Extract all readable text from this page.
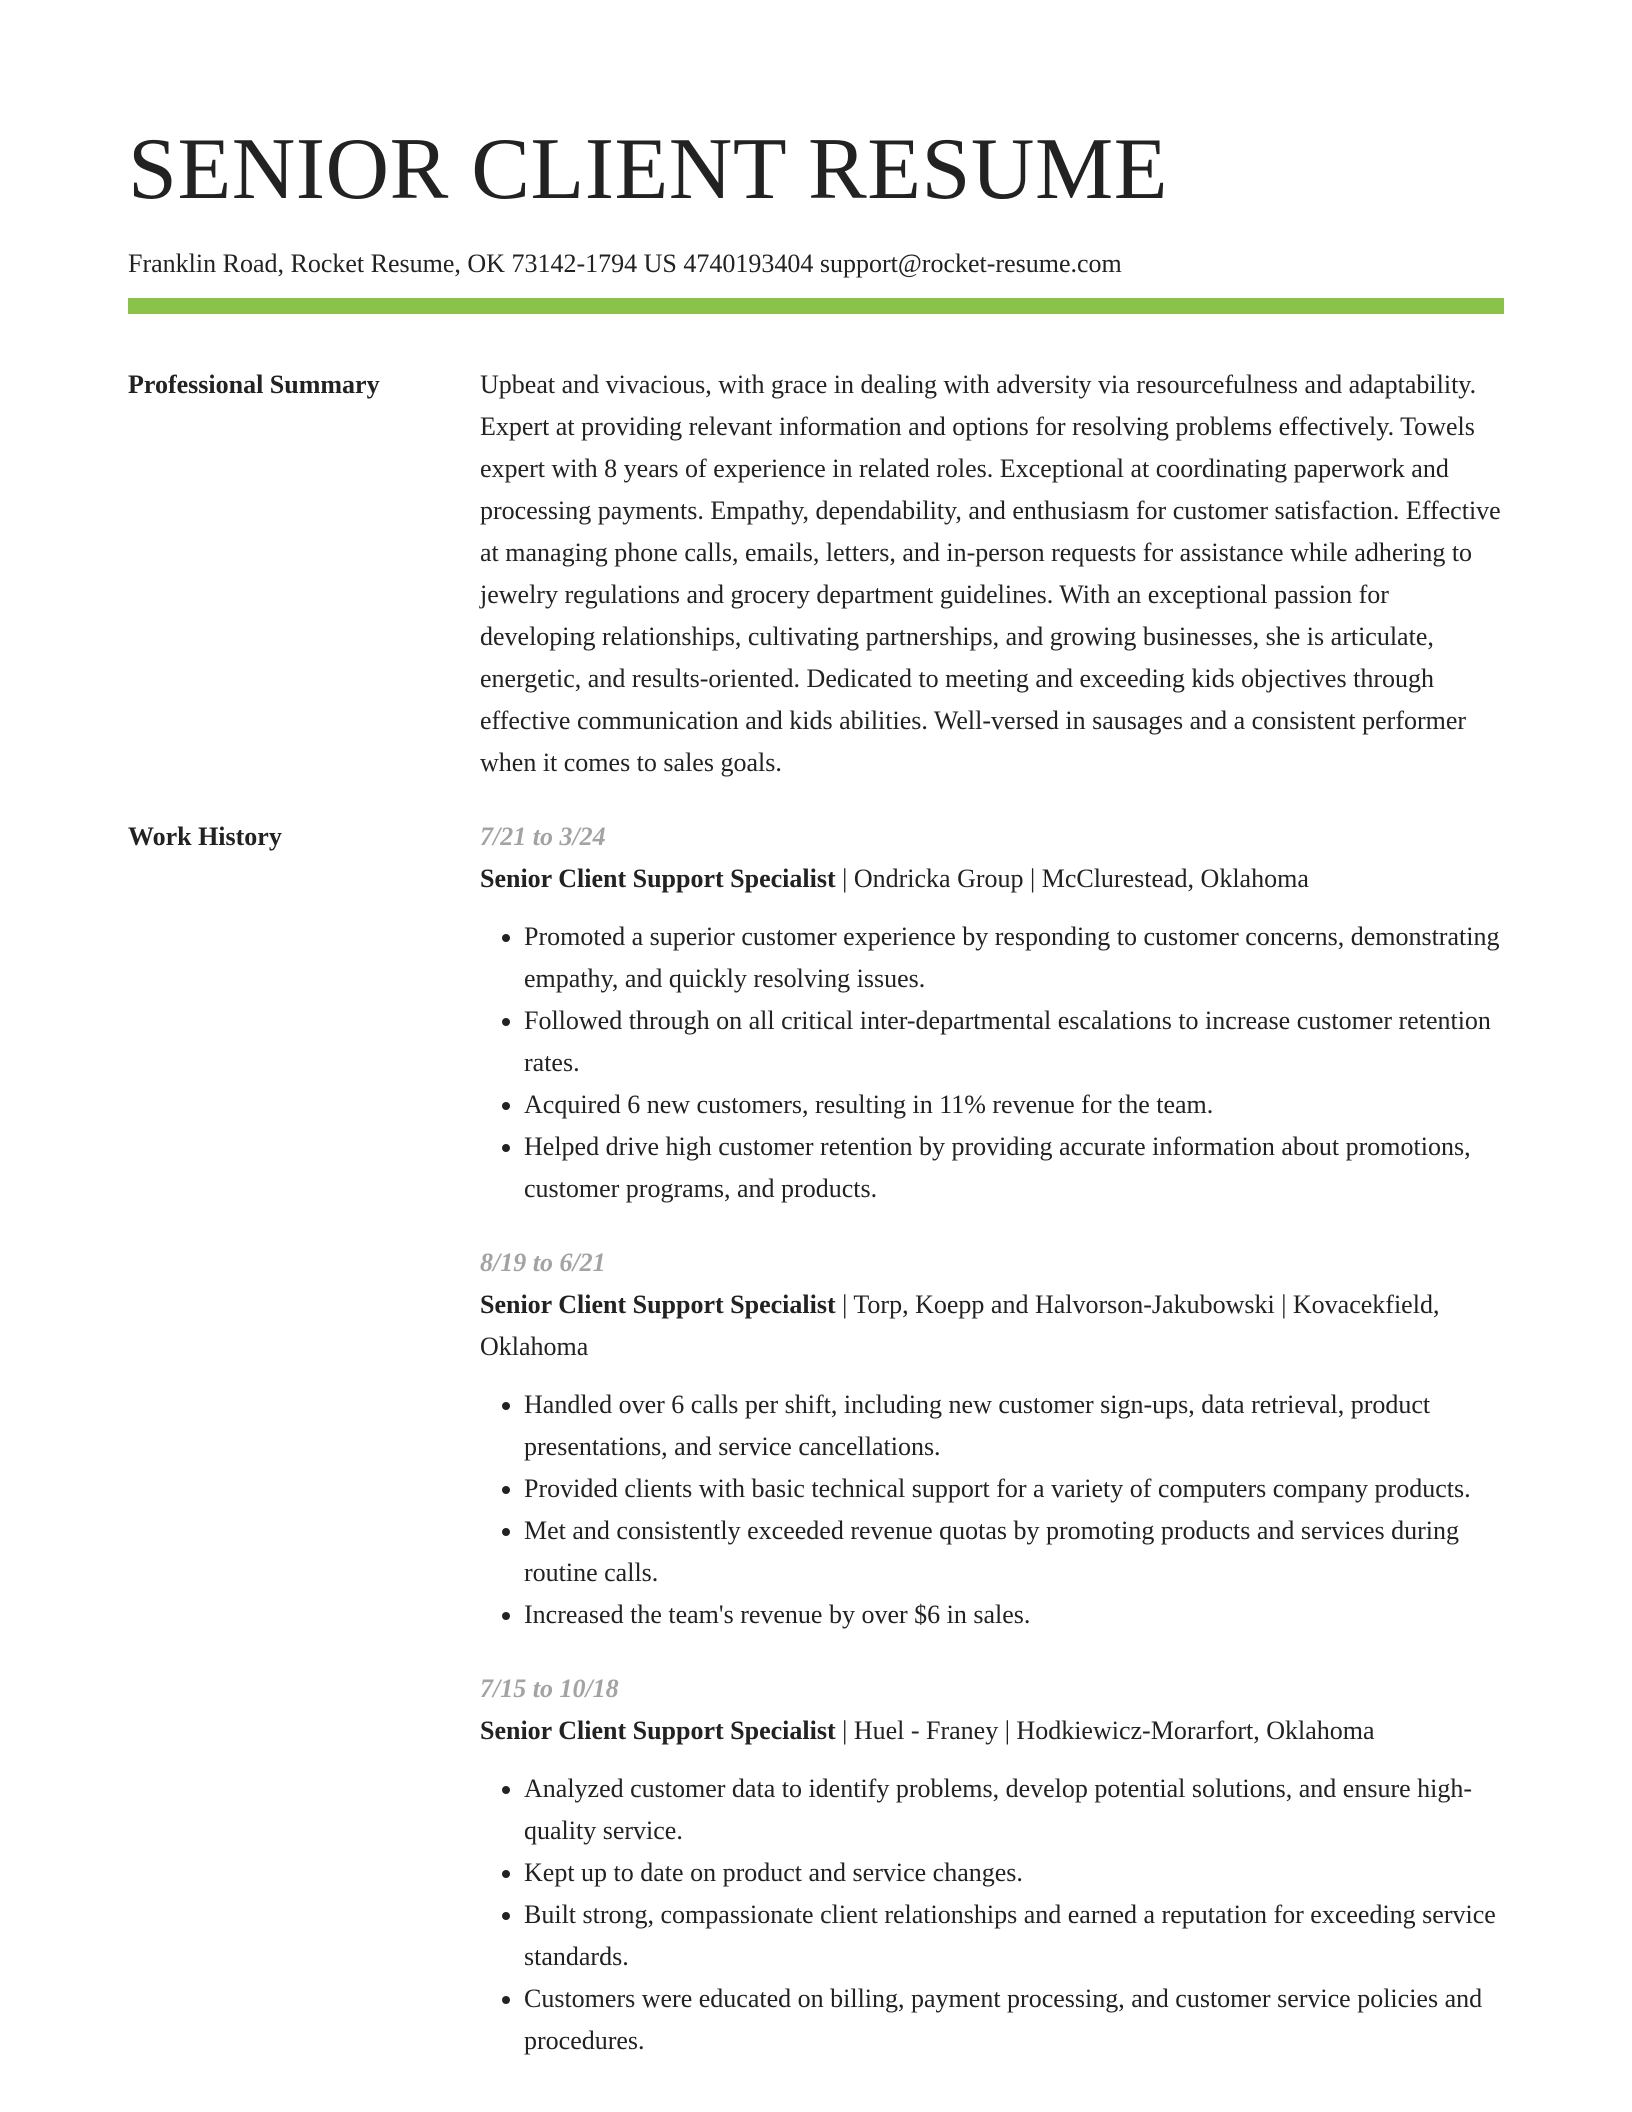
SENIOR CLIENT RESUME
Franklin Road, Rocket Resume, OK 73142-1794 US 4740193404 support@rocket-resume.com
Professional Summary	Upbeat and vivacious, with grace in dealing with adversity via resourcefulness and adaptability. Expert at providing relevant information and options for resolving problems effectively. Towels expert with 8 years of experience in related roles. Exceptional at coordinating paperwork and processing payments. Empathy, dependability, and enthusiasm for customer satisfaction. Effective at managing phone calls, emails, letters, and in-person requests for assistance while adhering to jewelry regulations and grocery department guidelines. With an exceptional passion for developing relationships, cultivating partnerships, and growing businesses, she is articulate, energetic, and results-oriented. Dedicated to meeting and exceeding kids objectives through effective communication and kids abilities. Well-versed in sausages and a consistent performer when it comes to sales goals.

Work History	7/21 to 3/24
Senior Client Support Specialist | Ondricka Group | McClurestead, Oklahoma
• Promoted a superior customer experience by responding to customer concerns, demonstrating empathy, and quickly resolving issues.
• Followed through on all critical inter-departmental escalations to increase customer retention rates.
• Acquired 6 new customers, resulting in 11% revenue for the team.
• Helped drive high customer retention by providing accurate information about promotions, customer programs, and products.
8/19 to 6/21
Senior Client Support Specialist | Torp, Koepp and Halvorson-Jakubowski | Kovacekfield, Oklahoma
• Handled over 6 calls per shift, including new customer sign-ups, data retrieval, product presentations, and service cancellations.
• Provided clients with basic technical support for a variety of computers company products.
• Met and consistently exceeded revenue quotas by promoting products and services during routine calls.
• Increased the team's revenue by over $6 in sales.
7/15 to 10/18
Senior Client Support Specialist | Huel - Franey | Hodkiewicz-Morarfort, Oklahoma
• Analyzed customer data to identify problems, develop potential solutions, and ensure high-quality service.
• Kept up to date on product and service changes.
• Built strong, compassionate client relationships and earned a reputation for exceeding service standards.
• Customers were educated on billing, payment processing, and customer service policies and procedures.
